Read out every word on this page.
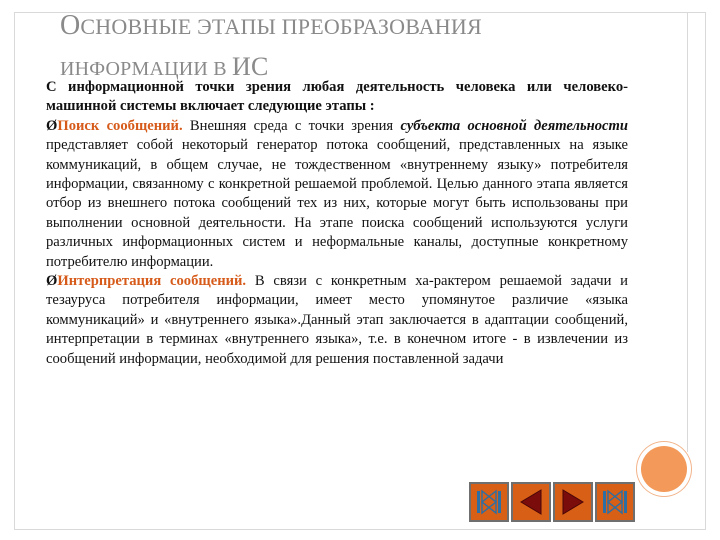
ОСНОВНЫЕ ЭТАПЫ ПРЕОБРАЗОВАНИЯ
ИНФОРМАЦИИ В ИС

С информационной точки зрения любая деятельность человека или человеко-машинной системы включает следующие этапы :

ØПоиск сообщений. Внешняя среда с точки зрения субъекта основной деятельности представляет собой некоторый генератор потока сообщений, представленных на языке коммуникаций, в общем случае, не тождественном «внутреннему языку» потребителя информации, связанному с конкретной решаемой проблемой. Целью данного этапа является отбор из внешнего потока сообщений тех из них, которые могут быть использованы при выполнении основной деятельности. На этапе поиска сообщений используются услуги различных информационных систем и неформальные каналы, доступные конкретному потребителю информации.

ØИнтерпретация сообщений. В связи с конкретным ха-рактером решаемой задачи и тезауруса потребителя информации, имеет место упомянутое различие «языка коммуникаций» и «внутреннего языка».Данный этап заключается в адаптации сообщений, интерпретации в терминах «внутреннего языка», т.е. в конечном итоге - в извлечении из сообщений информации, необходимой для решения поставленной задачи
